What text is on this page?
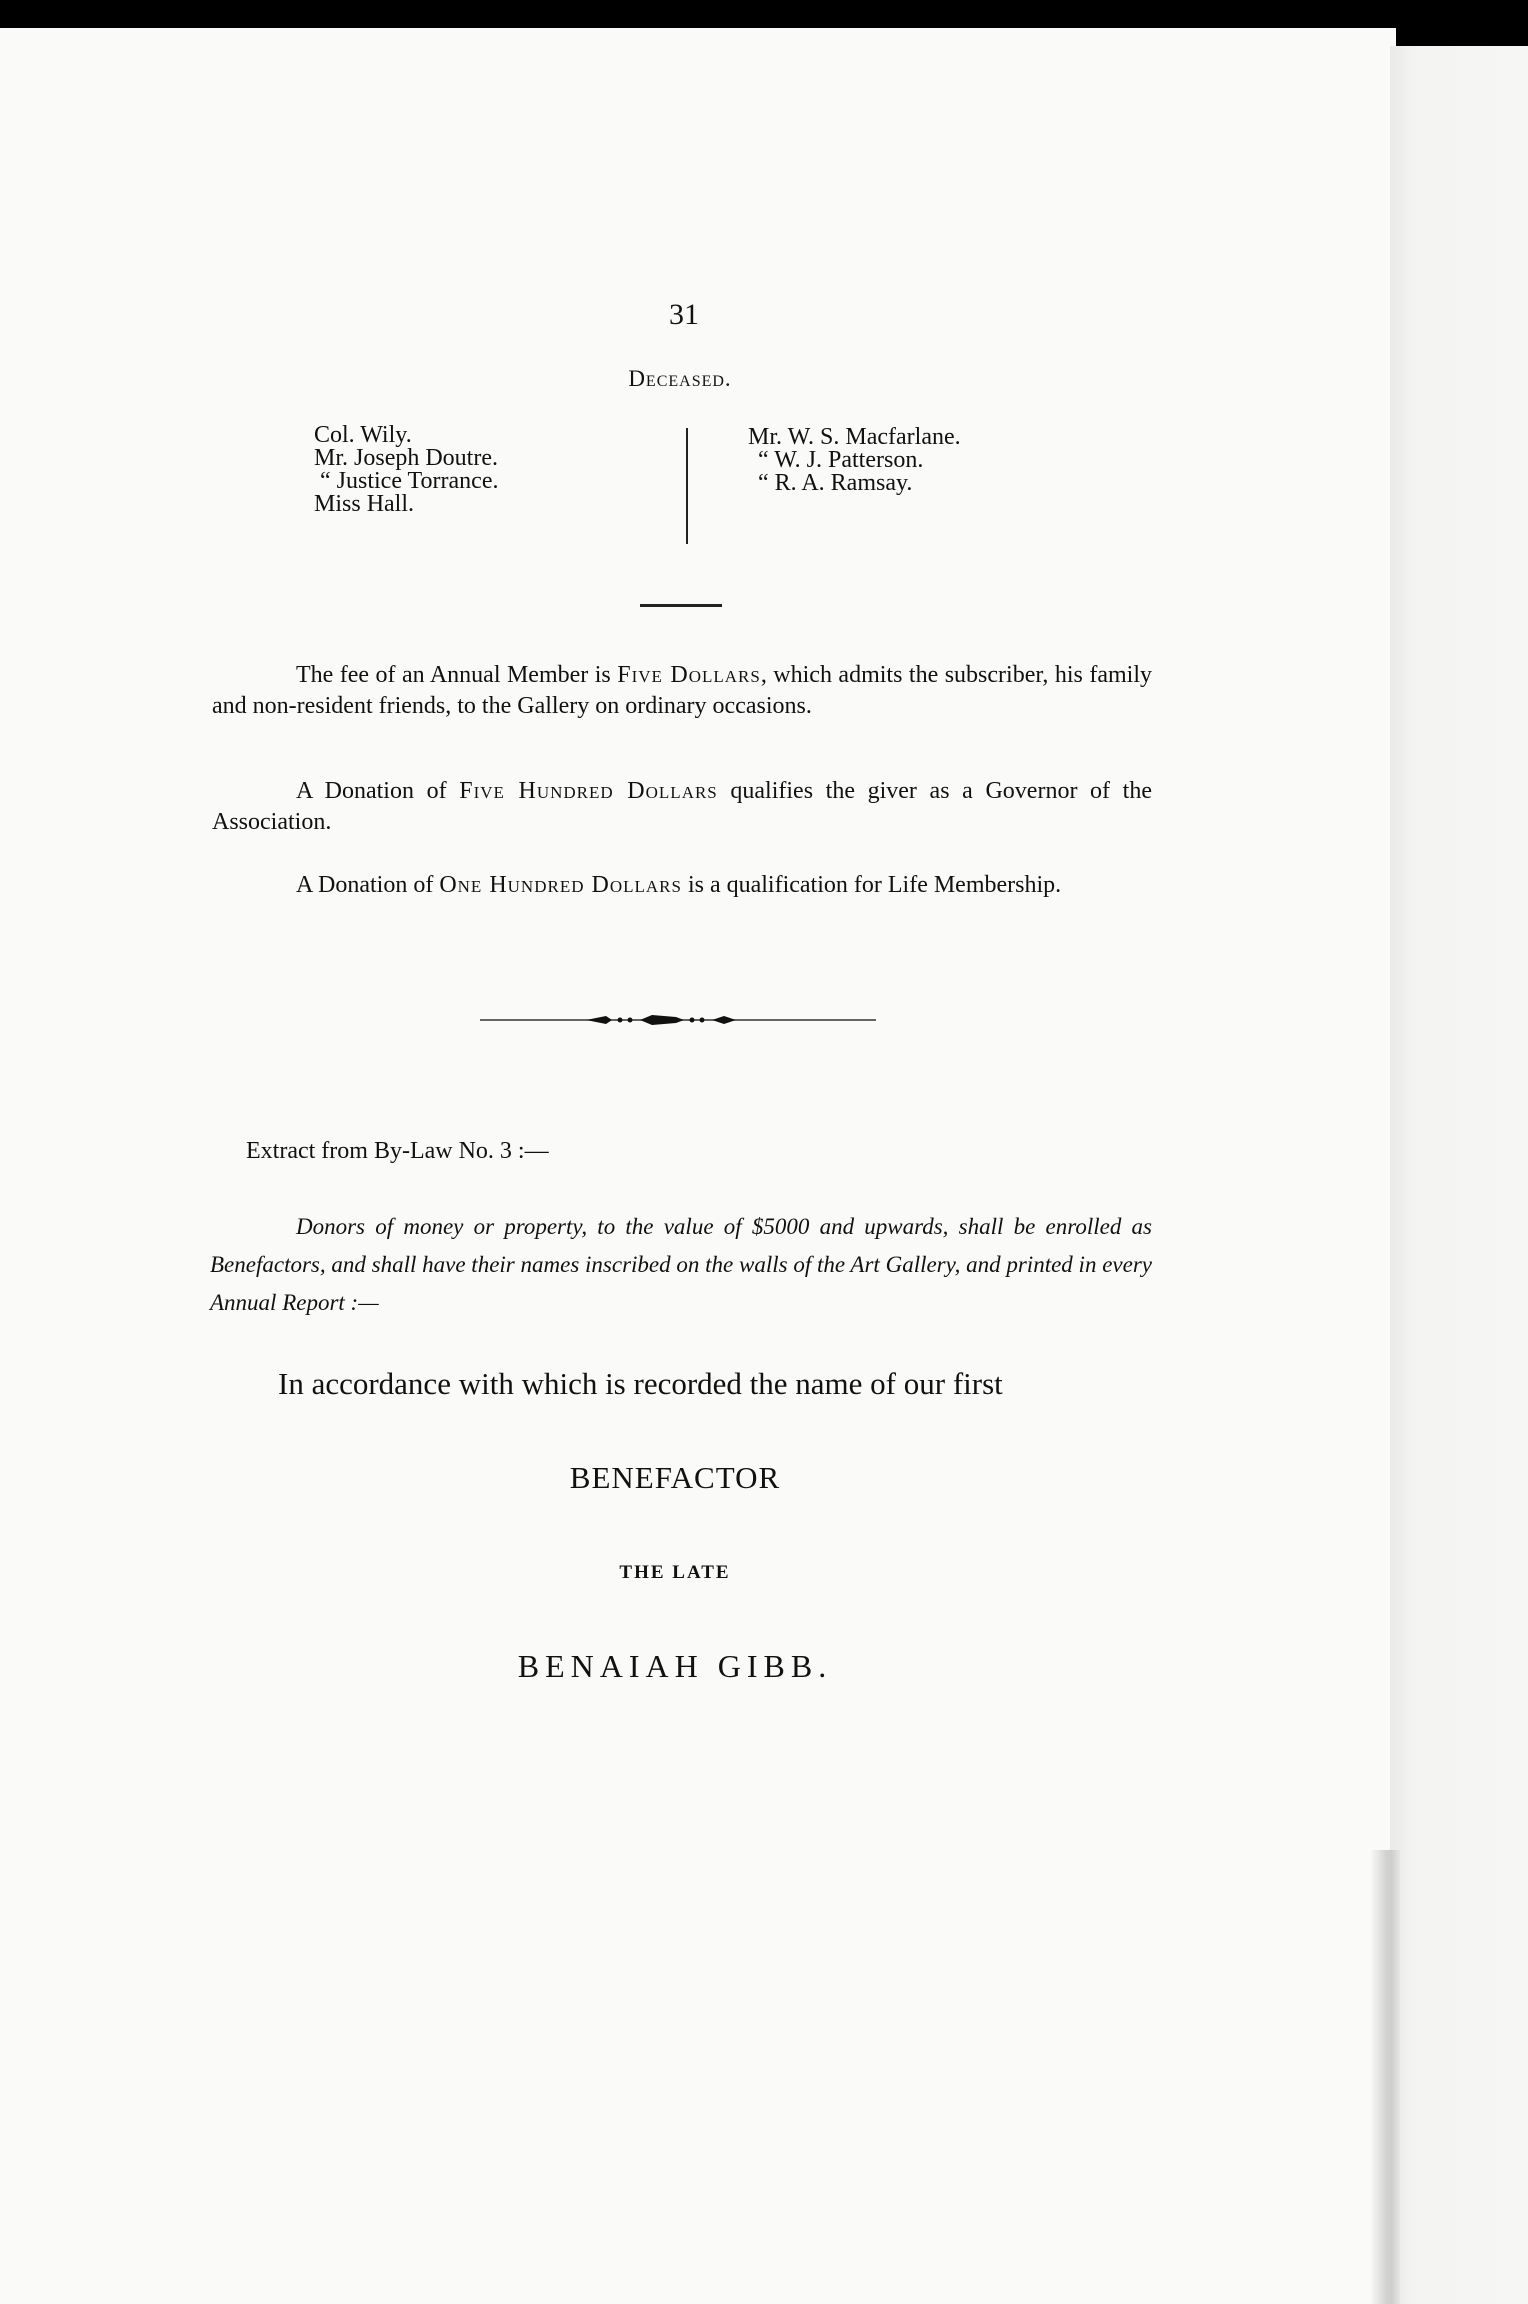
31
Deceased.
Col. Wily.
Mr. Joseph Doutre.
“ Justice Torrance.
Miss Hall.
Mr. W. S. Macfarlane.
“ W. J. Patterson.
“ R. A. Ramsay.
The fee of an Annual Member is Five Dollars, which admits the subscriber, his family and non-resident friends, to the Gallery on ordinary occasions.
A Donation of Five Hundred Dollars qualifies the giver as a Governor of the Association.
A Donation of One Hundred Dollars is a qualification for Life Membership.
Extract from By-Law No. 3 :—
Donors of money or property, to the value of $5000 and upwards, shall be enrolled as Benefactors, and shall have their names inscribed on the walls of the Art Gallery, and printed in every Annual Report :—
In accordance with which is recorded the name of our first
BENEFACTOR
THE LATE
BENAIAH GIBB.
